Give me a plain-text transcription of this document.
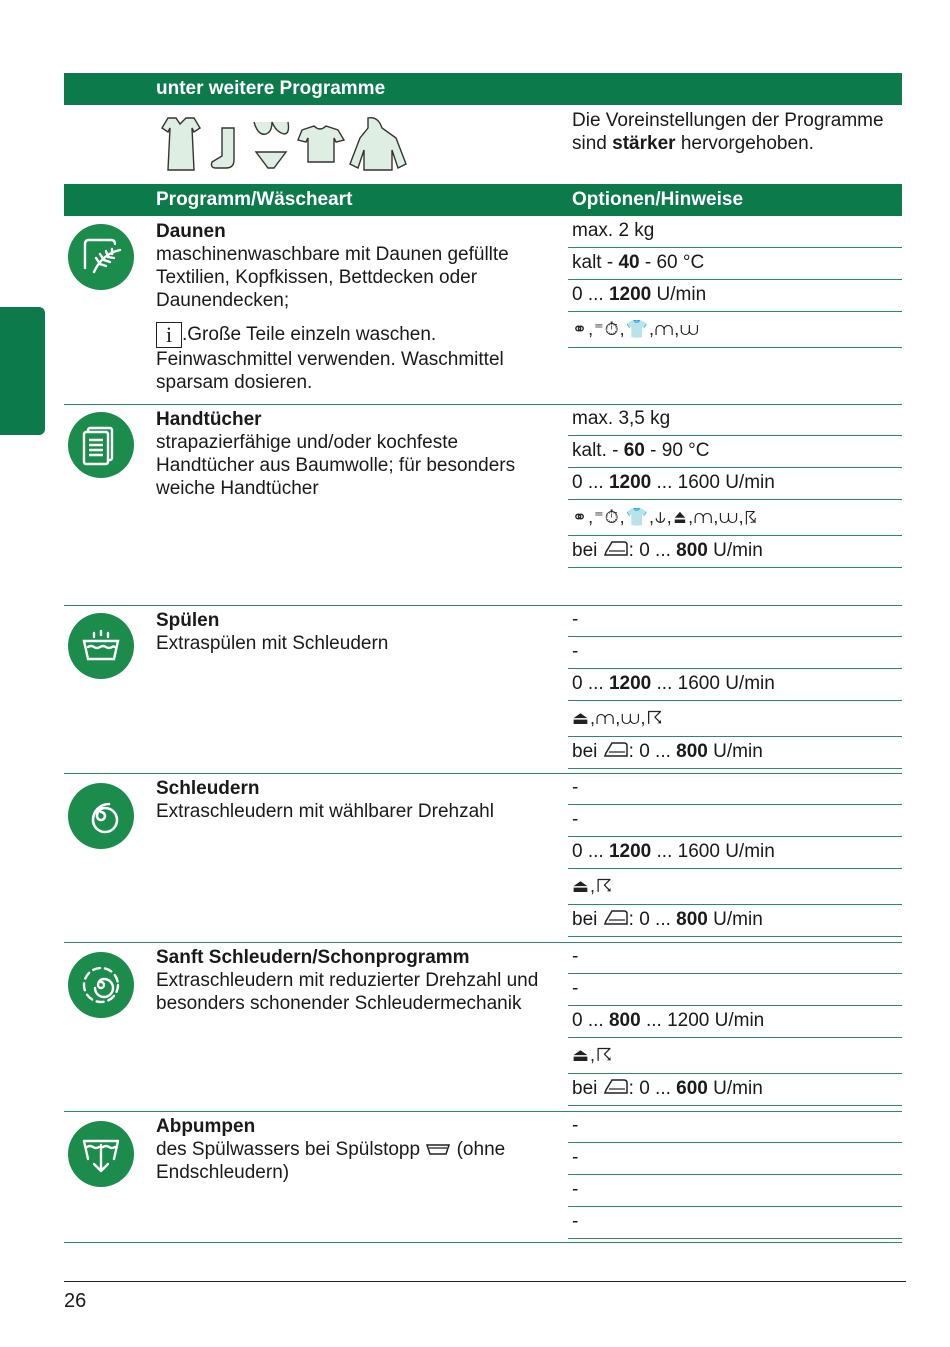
unter weitere Programme
Die Voreinstellungen der Programme sind stärker hervorgehoben.
Programm/Wäscheart	Optionen/Hinweise
Daunen
maschinenwaschbare mit Daunen gefüllte Textilien, Kopfkissen, Bettdecken oder Daunendecken;
i .Große Teile einzeln waschen. Feinwaschmittel verwenden. Waschmittel sparsam dosieren.
max. 2 kg
kalt - 40 - 60 °C
0 ... 1200 U/min
⚭,⁼⏱,👕,⩋,⩊
Handtücher
strapazierfähige und/oder kochfeste Handtücher aus Baumwolle; für besonders weiche Handtücher
max. 3,5 kg
kalt. - 60 - 90 °C
0 ... 1200 ... 1600 U/min
⚭,⁼⏱,👕,⫝,⏏,⩋,⩊,☈
bei : 0 ... 800 U/min
Spülen
Extraspülen mit Schleudern
-
-
0 ... 1200 ... 1600 U/min
⏏,⩋,⩊,☈
bei : 0 ... 800 U/min
Schleudern
Extraschleudern mit wählbarer Drehzahl
-
-
0 ... 1200 ... 1600 U/min
⏏,☈
bei : 0 ... 800 U/min
Sanft Schleudern/Schonprogramm
Extraschleudern mit reduzierter Drehzahl und besonders schonender Schleudermechanik
-
-
0 ... 800 ... 1200 U/min
⏏,☈
bei : 0 ... 600 U/min
Abpumpen
des Spülwassers bei Spülstopp (ohne Endschleudern)
-
-
-
-
26
